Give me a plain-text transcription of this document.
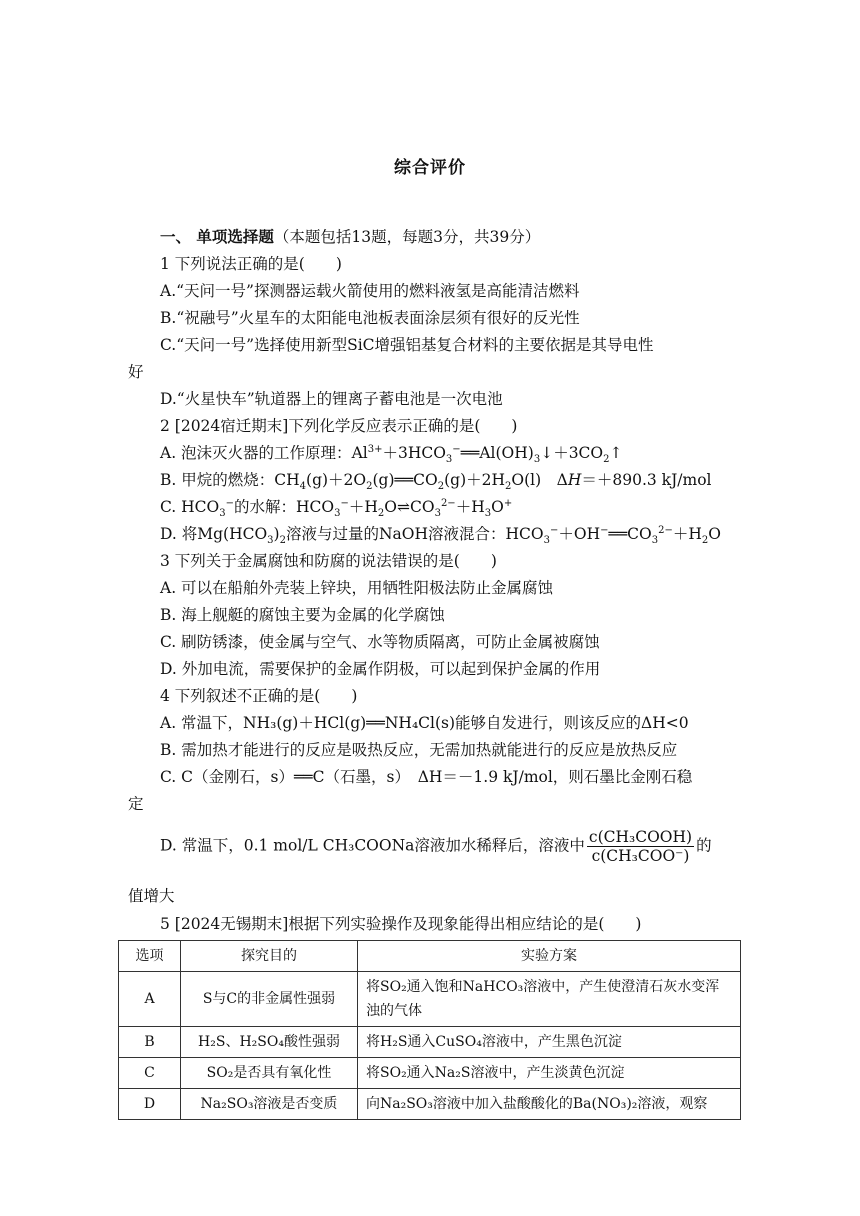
综合评价
一、 单项选择题（本题包括13题，每题3分，共39分）
1 下列说法正确的是(　　)
A.“天问一号”探测器运载火箭使用的燃料液氢是高能清洁燃料
B.“祝融号”火星车的太阳能电池板表面涂层须有很好的反光性
C.“天问一号”选择使用新型SiC增强铝基复合材料的主要依据是其导电性
好
D.“火星快车”轨道器上的锂离子蓄电池是一次电池
2 [2024宿迁期末]下列化学反应表示正确的是(　　)
A. 泡沫灭火器的工作原理：$Al^{3+}+3HCO_3^-══Al(OH)_3↓+3CO_2↑$
B. 甲烷的燃烧：$CH_4(g)+2O_2(g)══CO_2(g)+2H_2O(l)$　ΔH＝＋890.3 kJ/mol
C. $HCO_3^-$的水解：$HCO_3^-+H_2O\rightleftharpoons CO_3^{2-}+H_3O^+$
D. 将$Mg(HCO_3)_2$溶液与过量的NaOH溶液混合：$HCO_3^-+OH^-══CO_3^{2-}+H_2O$
3 下列关于金属腐蚀和防腐的说法错误的是(　　)
A. 可以在船舶外壳装上锌块，用牺牲阳极法防止金属腐蚀
B. 海上舰艇的腐蚀主要为金属的化学腐蚀
C. 刷防锈漆，使金属与空气、水等物质隔离，可防止金属被腐蚀
D. 外加电流，需要保护的金属作阴极，可以起到保护金属的作用
4 下列叙述不正确的是(　　)
A. 常温下，NH₃(g)＋HCl(g)══NH₄Cl(s)能够自发进行，则该反应的ΔH<0
B. 需加热才能进行的反应是吸热反应，无需加热就能进行的反应是放热反应
C. C（金刚石，s）══C（石墨，s）　ΔH＝－1.9 kJ/mol，则石墨比金刚石稳
定
D. 常温下，0.1 mol/L CH₃COONa溶液加水稀释后，溶液中 $\frac{\text{c(CH₃COOH)}}{\text{c(CH₃COO⁻)}}$ 的
值增大
5 [2024无锡期末]根据下列实验操作及现象能得出相应结论的是(　　)
选项	探究目的	实验方案
A	S与C的非金属性强弱	将SO₂通入饱和NaHCO₃溶液中，产生使澄清石灰水变浑浊的气体
B	H₂S、H₂SO₄酸性强弱	将H₂S通入CuSO₄溶液中，产生黑色沉淀
C	SO₂是否具有氧化性	将SO₂通入Na₂S溶液中，产生淡黄色沉淀
D	Na₂SO₃溶液是否变质	向Na₂SO₃溶液中加入盐酸酸化的Ba(NO₃)₂溶液，观察
